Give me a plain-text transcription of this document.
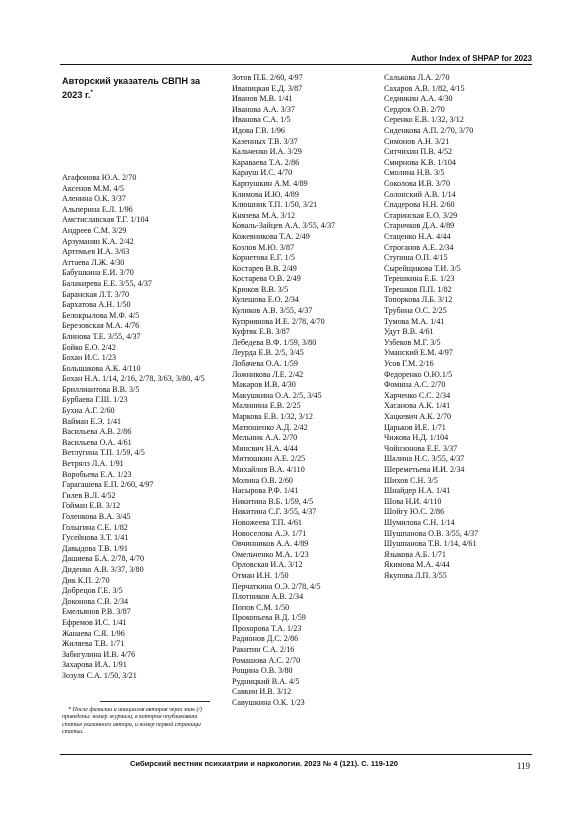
Author Index of SHPAP for 2023
Авторский указатель СВПН за 2023 г.*
Агафонова Ю.А. 2/70
Аксенов М.М. 4/5
Аленина О.К. 3/37
Альперина Е.Л. 1/96
Амстиславская Т.Г. 1/104
Андреев С.М. 3/29
Арзуманян К.А. 2/42
Артемьев И.А. 3/63
Аттаева Л.Ж. 4/30
Бабушкина Е.И. 3/70
Балакирева Е.Е. 3/55, 4/37
Баранская Л.Т. 3/70
Бархатова А.Н. 1/50
Белокрылова М.Ф. 4/5
Березовская М.А. 4/76
Блинова Т.Е. 3/55, 4/37
Бойко Е.О. 2/42
Бохан И.С. 1/23
Большакова А.К. 4/110
Бохан Н.А. 1/14, 2/16, 2/78, 3/63, 3/80, 4/5
Бриллиантова В.В. 3/5
Бурбаева Г.Ш. 1/23
Бухна А.Г. 2/60
Вайман Е.Э. 1/41
Васильева А.В. 2/86
Васильева О.А. 4/61
Ветлугина Т.П. 1/59, 4/5
Ветрялэ Л.А. 1/91
Воробьева Е.А. 1/23
Гарагашева Е.П. 2/60, 4/97
Гилев В.Л. 4/52
Гойман Е.В. 3/12
Голенкова В.А. 3/45
Голыгина С.Е. 1/82
Гусейнова З.Т. 1/41
Давыдова Т.В. 1/91
Дашиева Б.А. 2/78, 4/70
Диденко А.В. 3/37, 3/80
Дик К.П. 2/70
Добрецов Г.Е. 3/5
Доконова С.В. 2/34
Емельянов Р.В. 3/87
Ефремов И.С. 1/41
Жанаева С.Я. 1/96
Жиляева Т.В. 1/71
Забигулина И.В. 4/76
Захарова И.А. 1/91
Зозуля С.А. 1/50, 3/21
Зотов П.Б. 2/60, 4/97
Иваницкая Е.Д. 3/87
Иванов М.В. 1/41
Иванова А.А. 3/37
Иванова С.А. 1/5
Идова Г.В. 1/96
Казенных Т.В. 3/37
Кальченко И.А. 3/29
Караваева Т.А. 2/86
Карауш И.С. 4/70
Карпушкин А.М. 4/89
Климова И.Ю. 4/89
Клюшник Т.П. 1/50, 3/21
Князева М.А. 3/12
Коваль-Зайцев А.А. 3/55, 4/37
Кожевникова Т.А. 2/49
Козлов М.Ю. 3/87
Корнетова Е.Г. 1/5
Костарев В.В. 2/49
Костарева О.В. 2/49
Крюков В.В. 3/5
Кулешова Е.О. 2/34
Куликов А.В. 3/55, 4/37
Куприянова И.Е. 2/78, 4/70
Куфтяк Е.В. 3/87
Лебедева В.Ф. 1/59, 3/80
Леурда Е.В. 2/5, 3/45
Лобачева О.А. 1/59
Ложникова Л.Е. 2/42
Макаров И.В. 4/30
Макушкина О.А. 2/5, 3/45
Малинина Е.В. 2/25
Маркова Е.В. 1/32, 3/12
Матюшенко А.Д. 2/42
Мельник А.А. 2/70
Минсвич Н.А. 4/44
Митюшкин А.Е. 2/25
Михайлов В.А. 4/110
Молина О.В. 2/60
Насырова Р.Ф. 1/41
Никитина В.Б. 1/59, 4/5
Никитина С.Г. 3/55, 4/37
Новожеева Т.П. 4/61
Новоселова А.Э. 1/71
Овчинников А.А. 4/89
Омельченко М.А. 1/23
Орловская И.А. 3/12
Отман И.Н. 1/50
Перчаткина О.Э. 2/78, 4/5
Плотников А.В. 2/34
Попов С.М. 1/50
Прокопьева В.Д. 1/59
Прохорова Т.А. 1/23
Радионов Д.С. 2/86
Ракитин С.А. 2/16
Ромашова А.С. 2/70
Рощина О.В. 3/80
Рудницкий В.А. 4/5
Савкин И.В. 3/12
Савушкина О.К. 1/23
Салькова Л.А. 2/70
Сахаров А.В. 1/82, 4/15
Сединкин А.А. 4/30
Сердюк О.В. 2/70
Серенко Е.В. 1/32, 3/12
Сиденкова А.П. 2/70, 3/70
Симонов А.Н. 3/21
Ситчихин П.В. 4/52
Смирнова К.В. 1/104
Смолина Н.В. 3/5
Соколова И.В. 3/70
Солонский А.В. 1/14
Спадерова Н.Н. 2/60
Старинская Е.О. 3/29
Старичков Д.А. 4/89
Стаценко Н.А. 4/44
Строганов А.Е. 2/34
Ступина О.П. 4/15
Сырейщикова Т.И. 3/5
Терешкина Е.Б. 1/23
Терешков П.П. 1/82
Топоркова Л.Б. 3/12
Трубина О.С. 2/25
Тумова М.А. 1/41
Удут В.В. 4/61
Узбеков М.Г. 3/5
Уманский Е.М. 4/97
Усов Г.М. 2/16
Федоренко О.Ю.1/5
Фомина А.С. 2/70
Харченко С.С. 2/34
Хасанова А.К. 1/41
Хацкевич А.К. 2/70
Царьков И.Е. 1/71
Чижова Н.Д. 1/104
Чойнзонова Е.Е. 3/37
Шалина Н.С. 3/55, 4/37
Шереметьева И.И. 2/34
Шихов С.Н. 3/5
Шнайдер Н.А. 1/41
Шова Н.И. 4/110
Шойгу Ю.С. 2/86
Шумилова С.Н. 1/14
Шушпанова О.В. 3/55, 4/37
Шушпанова Т.В. 1/14, 4/61
Языкова А.Б. 1/71
Якимова М.А. 4/44
Якупова Л.П. 3/55
* После фамилии и инициалов авторов через знак (/) приведены: номер журнала, в котором опубликована статья указанного автора, и номер первой страницы статьи.
Сибирский вестник психиатрии и наркологии. 2023 № 4 (121). С. 119-120	119
